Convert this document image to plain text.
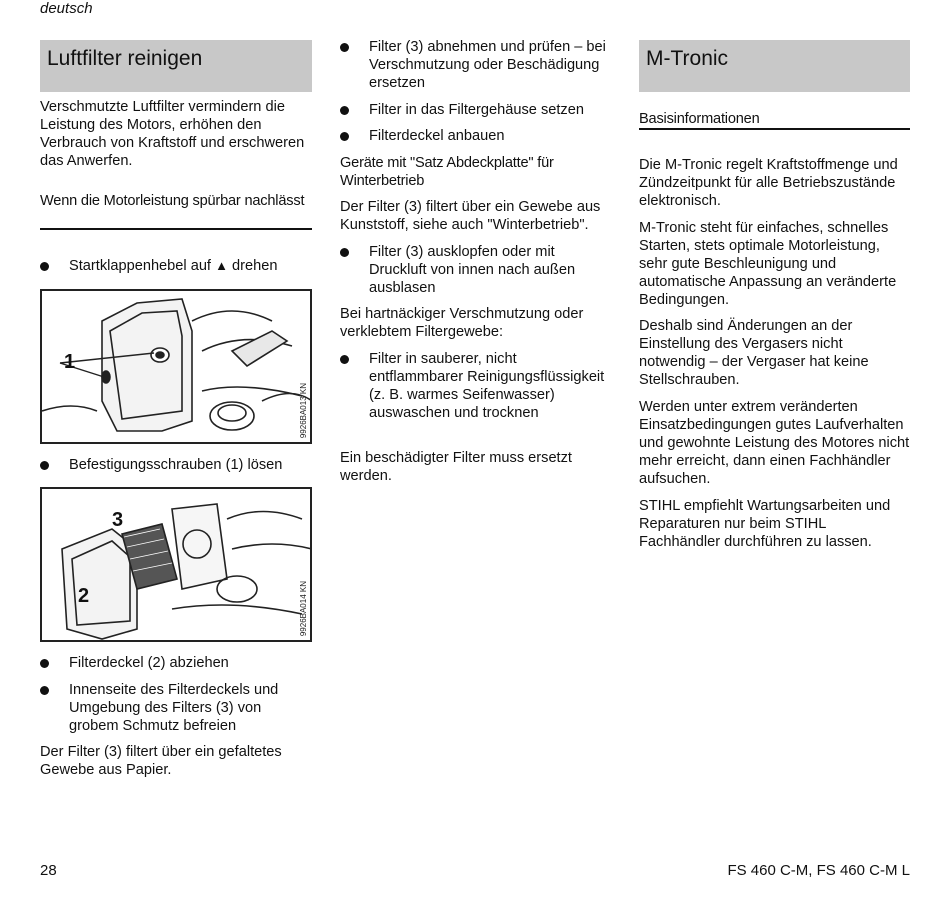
deutsch
Luftfilter reinigen

Verschmutzte Luftfilter vermindern die Leistung des Motors, erhöhen den Verbrauch von Kraftstoff und erschweren das Anwerfen.

Wenn die Motorleistung spürbar nachlässt

Startklappenhebel auf ▲ drehen
1
9926BA013 KN
Befestigungsschrauben (1) lösen
3
2	9926BA014 KN
Filterdeckel (2) abziehen
Innenseite des Filterdeckels und Umgebung des Filters (3) von grobem Schmutz befreien

Der Filter (3) filtert über ein gefaltetes Gewebe aus Papier.

Filter (3) abnehmen und prüfen – bei Verschmutzung oder Beschädigung ersetzen
Filter in das Filtergehäuse setzen
Filterdeckel anbauen

Geräte mit "Satz Abdeckplatte" für Winterbetrieb

Der Filter (3) filtert über ein Gewebe aus Kunststoff, siehe auch "Winterbetrieb".

Filter (3) ausklopfen oder mit Druckluft von innen nach außen ausblasen

Bei hartnäckiger Verschmutzung oder verklebtem Filtergewebe:

Filter in sauberer, nicht entflammbarer Reinigungsflüssigkeit (z. B. warmes Seifenwasser) auswaschen und trocknen

Ein beschädigter Filter muss ersetzt werden.

M-Tronic

Basisinformationen

Die M-Tronic regelt Kraftstoffmenge und Zündzeitpunkt für alle Betriebszustände elektronisch.

M-Tronic steht für einfaches, schnelles Starten, stets optimale Motorleistung, sehr gute Beschleunigung und automatische Anpassung an veränderte Bedingungen.

Deshalb sind Änderungen an der Einstellung des Vergasers nicht notwendig – der Vergaser hat keine Stellschrauben.

Werden unter extrem veränderten Einsatzbedingungen gutes Laufverhalten und gewohnte Leistung des Motores nicht mehr erreicht, dann einen Fachhändler aufsuchen.

STIHL empfiehlt Wartungsarbeiten und Reparaturen nur beim STIHL Fachhändler durchführen zu lassen.

28	FS 460 C-M, FS 460 C-M L
